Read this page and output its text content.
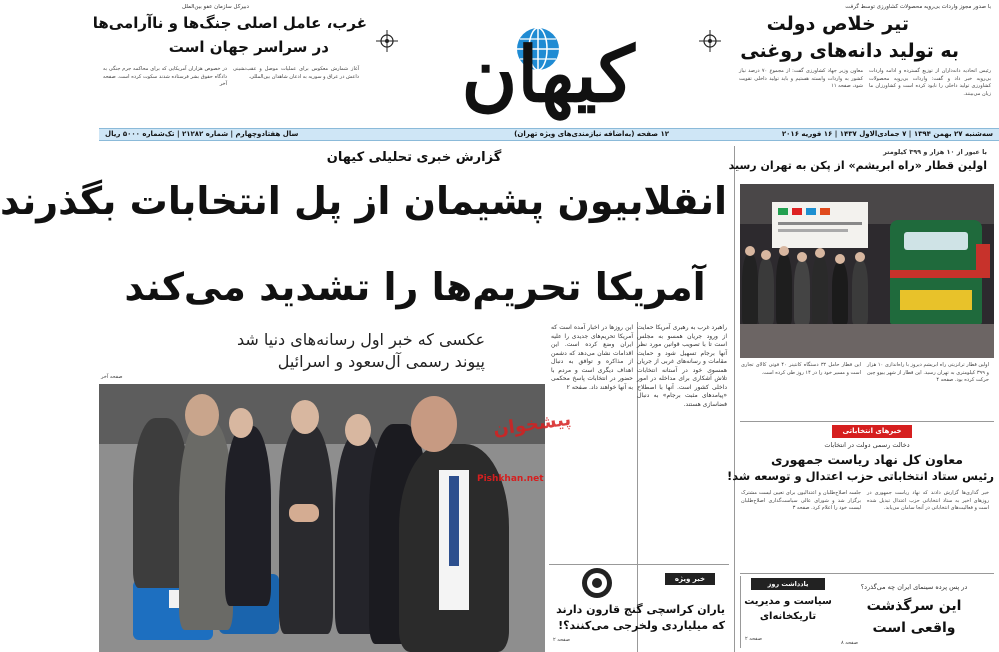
با صدور مجوز واردات بی‌رویه محصولات کشاورزی توسط گرفت
تیر خلاص دولت
به تولید دانه‌های روغنی
رئیس اتحادیه دانه‌داران از توزیع گسترده و ادامه واردات بی‌رویه خبر داد و گفت: واردات بی‌رویه محصولات کشاورزی تولید داخلی را نابود کرده است و کشاورزان ما زیان می‌بینند.
معاون وزیر جهاد کشاورزی گفت: از مجموع ۷۰ درصد نیاز کشور به واردات وابسته هستیم و باید تولید داخلی تقویت شود، صفحه ۱۱
کیهان
دبیرکل سازمان عفو بین‌الملل
غرب، عامل اصلی جنگ‌ها و ناآرامی‌ها
در سراسر جهان است
آغاز شمارش معکوس برای عملیات موصل و عقب‌نشینی داعش در عراق و سوریه به اذعان شاهدان بین‌المللی.
در خصوص هزاران آمریکایی که برای محاکمه جرم جنگی به دادگاه حقوق بشر فرستاده شدند سکوت کرده است. صفحه آخر
سه‌شنبه ۲۷ بهمن ۱۳۹۴ | ۷ جمادی‌الاول ۱۴۳۷ | ۱۶ فوریه ۲۰۱۶
۱۲ صفحه (به‌اضافه نیازمندی‌های ویژه تهران)
سال هفتادوچهارم | شماره ۲۱۲۸۲ | تک‌شماره ۵۰۰۰ ریال
با عبور از ۱۰ هزار و ۳۹۹ کیلومتر
اولین قطار «راه ابریشم» از پکن به تهران رسید
اولین قطار ترانزیتی راه ابریشم دیروز با راه‌اندازی ۱۰ هزار و ۳۹۹ کیلومتری به تهران رسید. این قطار از شهر ییوو چین حرکت کرده بود. صفحه ۴
این قطار حامل ۳۲ دستگاه کانتینر ۴۰ فوتی کالای تجاری است و مسیر خود را در ۱۴ روز طی کرده است.
خبرهای انتخاباتی
دخالت رسمی دولت در انتخابات
معاون کل نهاد ریاست جمهوری
رئیس ستاد انتخاباتی حزب اعتدال و توسعه شد!
خبر گذاری‌ها گزارش دادند که نهاد ریاست جمهوری در روزهای اخیر به ستاد انتخاباتی حزب اعتدال تبدیل شده است و فعالیت‌های انتخاباتی در آنجا سامان می‌یابد.
جلسه اصلاح‌طلبان و اعتدالیون برای تعیین لیست مشترک برگزار شد و شورای عالی سیاست‌گذاری اصلاح‌طلبان لیست خود را اعلام کرد. صفحه ۳
یادداشت روز
سیاست و مدیریت
تاریکخانه‌ای
صفحه ۲
در پس پرده سینمای ایران چه می‌گذرد؟
این سرگذشت
واقعی است
صفحه ۸
گزارش خبری تحلیلی کیهان
انقلابیون پشیمان از پل انتخابات بگذرند
آمریکا تحریم‌ها را تشدید می‌کند
عکسی که خبر اول رسانه‌های دنیا شد
پیوند رسمی آل‌سعود و اسرائیل
صفحه آخر
پیشخوان
Pishkhan.net
راهبرد غرب به رهبری آمریکا حمایت از ورود جریان همسو به مجلس است تا با تصویب قوانین مورد نظر آنها برجام تسهیل شود و حمایت مقامات و رسانه‌های غربی از جریان همسوی خود در آستانه انتخابات تلاش آشکاری برای مداخله در امور داخلی کشور است. آنها با اصطلاح «پیامدهای مثبت برجام» به دنبال فضاسازی هستند.
این روزها در اخبار آمده است که آمریکا تحریم‌های جدیدی را علیه ایران وضع کرده است. این اقدامات نشان می‌دهد که دشمن از مذاکره و توافق به دنبال اهداف دیگری است و مردم با حضور در انتخابات پاسخ محکمی به آنها خواهند داد. صفحه ۲
خبر ویژه
یاران کراسچی گنج قارون دارند
که میلیاردی ولخرجی می‌کنند؟!
صفحه ۲
